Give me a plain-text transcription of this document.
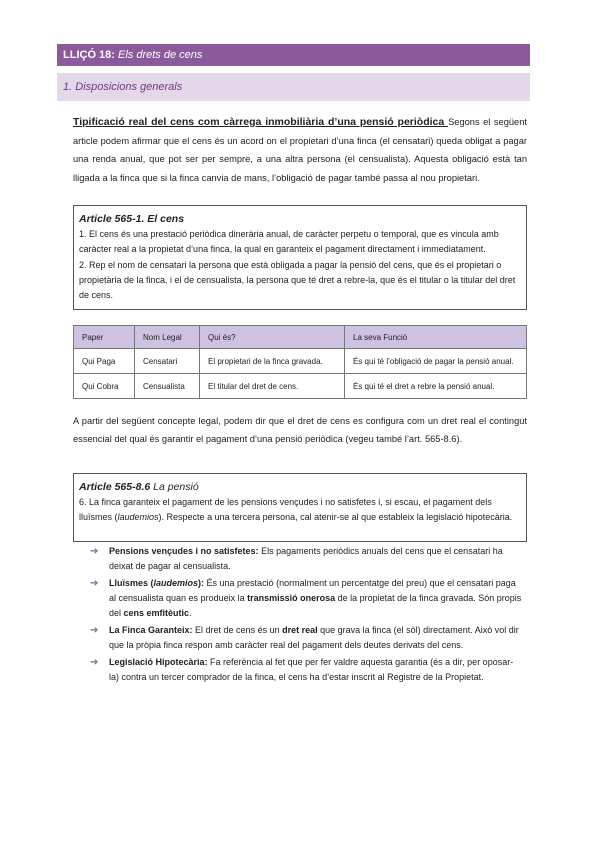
LLIÇÓ 18: Els drets de cens
1. Disposicions generals
Tipificació real del cens com càrrega inmobiliària d’una pensió periòdica Segons el següent article podem afirmar que el cens és un acord on el propietari d’una finca (el censatari) queda obligat a pagar una renda anual, que pot ser per sempre, a una altra persona (el censualista). Aquesta obligació està tan lligada a la finca que si la finca canvia de mans, l’obligació de pagar també passa al nou propietari.
Article 565-1. El cens
1. El cens és una prestació periòdica dinerària anual, de caràcter perpetu o temporal, que es vincula amb caràcter real a la propietat d’una finca, la qual en garanteix el pagament directament i immediatament.
2. Rep el nom de censatari la persona que està obligada a pagar la pensió del cens, que és el propietari o propietària de la finca, i el de censualista, la persona que té dret a rebre-la, que és el titular o la titular del dret de cens.
Paper	Nom Legal	Qui és?	La seva Funció
Qui Paga	Censatari	El propietari de la finca gravada.	És qui té l’obligació de pagar la pensió anual.
Qui Cobra	Censualista	El titular del dret de cens.	És qui té el dret a rebre la pensió anual.
A partir del següent concepte legal, podem dir que el dret de cens es configura com un dret real el contingut essencial del qual és garantir el pagament d’una pensió periòdica (vegeu també l’art. 565-8.6).
Article 565-8.6 La pensió
6. La finca garanteix el pagament de les pensions vençudes i no satisfetes i, si escau, el pagament dels lluïsmes (laudemios). Respecte a una tercera persona, cal atenir-se al que estableix la legislació hipotecària.
➔ Pensions vençudes i no satisfetes: Els pagaments periòdics anuals del cens que el censatari ha deixat de pagar al censualista.
➔ Lluïsmes (laudemios): És una prestació (normalment un percentatge del preu) que el censatari paga al censualista quan es produeix la transmissió onerosa de la propietat de la finca gravada. Són propis del cens emfitèutic.
➔ La Finca Garanteix: El dret de cens és un dret real que grava la finca (el sòl) directament. Això vol dir que la pròpia finca respon amb caràcter real del pagament dels deutes derivats del cens.
➔ Legislació Hipotecària: Fa referència al fet que per fer valdre aquesta garantia (és a dir, per oposar-la) contra un tercer comprador de la finca, el cens ha d’estar inscrit al Registre de la Propietat.
